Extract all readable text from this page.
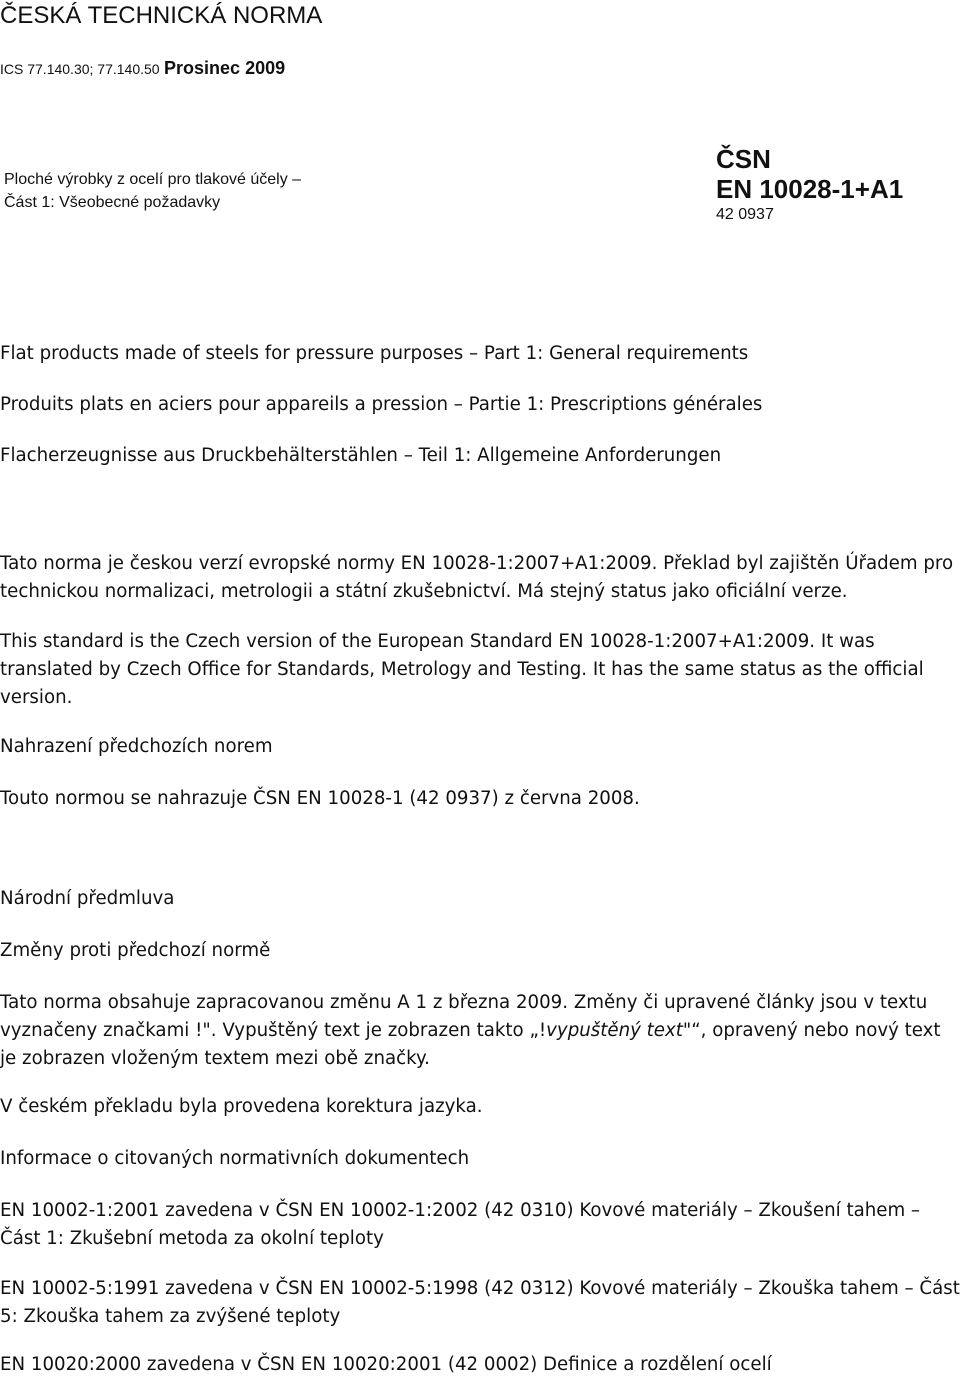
ČESKÁ TECHNICKÁ NORMA
ICS 77.140.30; 77.140.50 Prosinec 2009
Ploché výrobky z ocelí pro tlakové účely –
Část 1: Všeobecné požadavky
ČSN
EN 10028-1+A1
42 0937
Flat products made of steels for pressure purposes – Part 1: General requirements
Produits plats en aciers pour appareils a pression – Partie 1: Prescriptions générales
Flacherzeugnisse aus Druckbehälterstählen – Teil 1: Allgemeine Anforderungen
Tato norma je českou verzí evropské normy EN 10028-1:2007+A1:2009. Překlad byl zajištěn Úřadem pro technickou normalizaci, metrologii a státní zkušebnictví. Má stejný status jako oficiální verze.
This standard is the Czech version of the European Standard EN 10028-1:2007+A1:2009. It was translated by Czech Office for Standards, Metrology and Testing. It has the same status as the official version.
Nahrazení předchozích norem
Touto normou se nahrazuje ČSN EN 10028-1 (42 0937) z června 2008.
Národní předmluva
Změny proti předchozí normě
Tato norma obsahuje zapracovanou změnu A 1 z března 2009. Změny či upravené články jsou v textu vyznačeny značkami !". Vypuštěný text je zobrazen takto „!vypuštěný text"“, opravený nebo nový text je zobrazen vloženým textem mezi obě značky.
V českém překladu byla provedena korektura jazyka.
Informace o citovaných normativních dokumentech
EN 10002-1:2001 zavedena v ČSN EN 10002-1:2002 (42 0310) Kovové materiály – Zkoušení tahem – Část 1: Zkušební metoda za okolní teploty
EN 10002-5:1991 zavedena v ČSN EN 10002-5:1998 (42 0312) Kovové materiály – Zkouška tahem – Část 5: Zkouška tahem za zvýšené teploty
EN 10020:2000 zavedena v ČSN EN 10020:2001 (42 0002) Definice a rozdělení ocelí
